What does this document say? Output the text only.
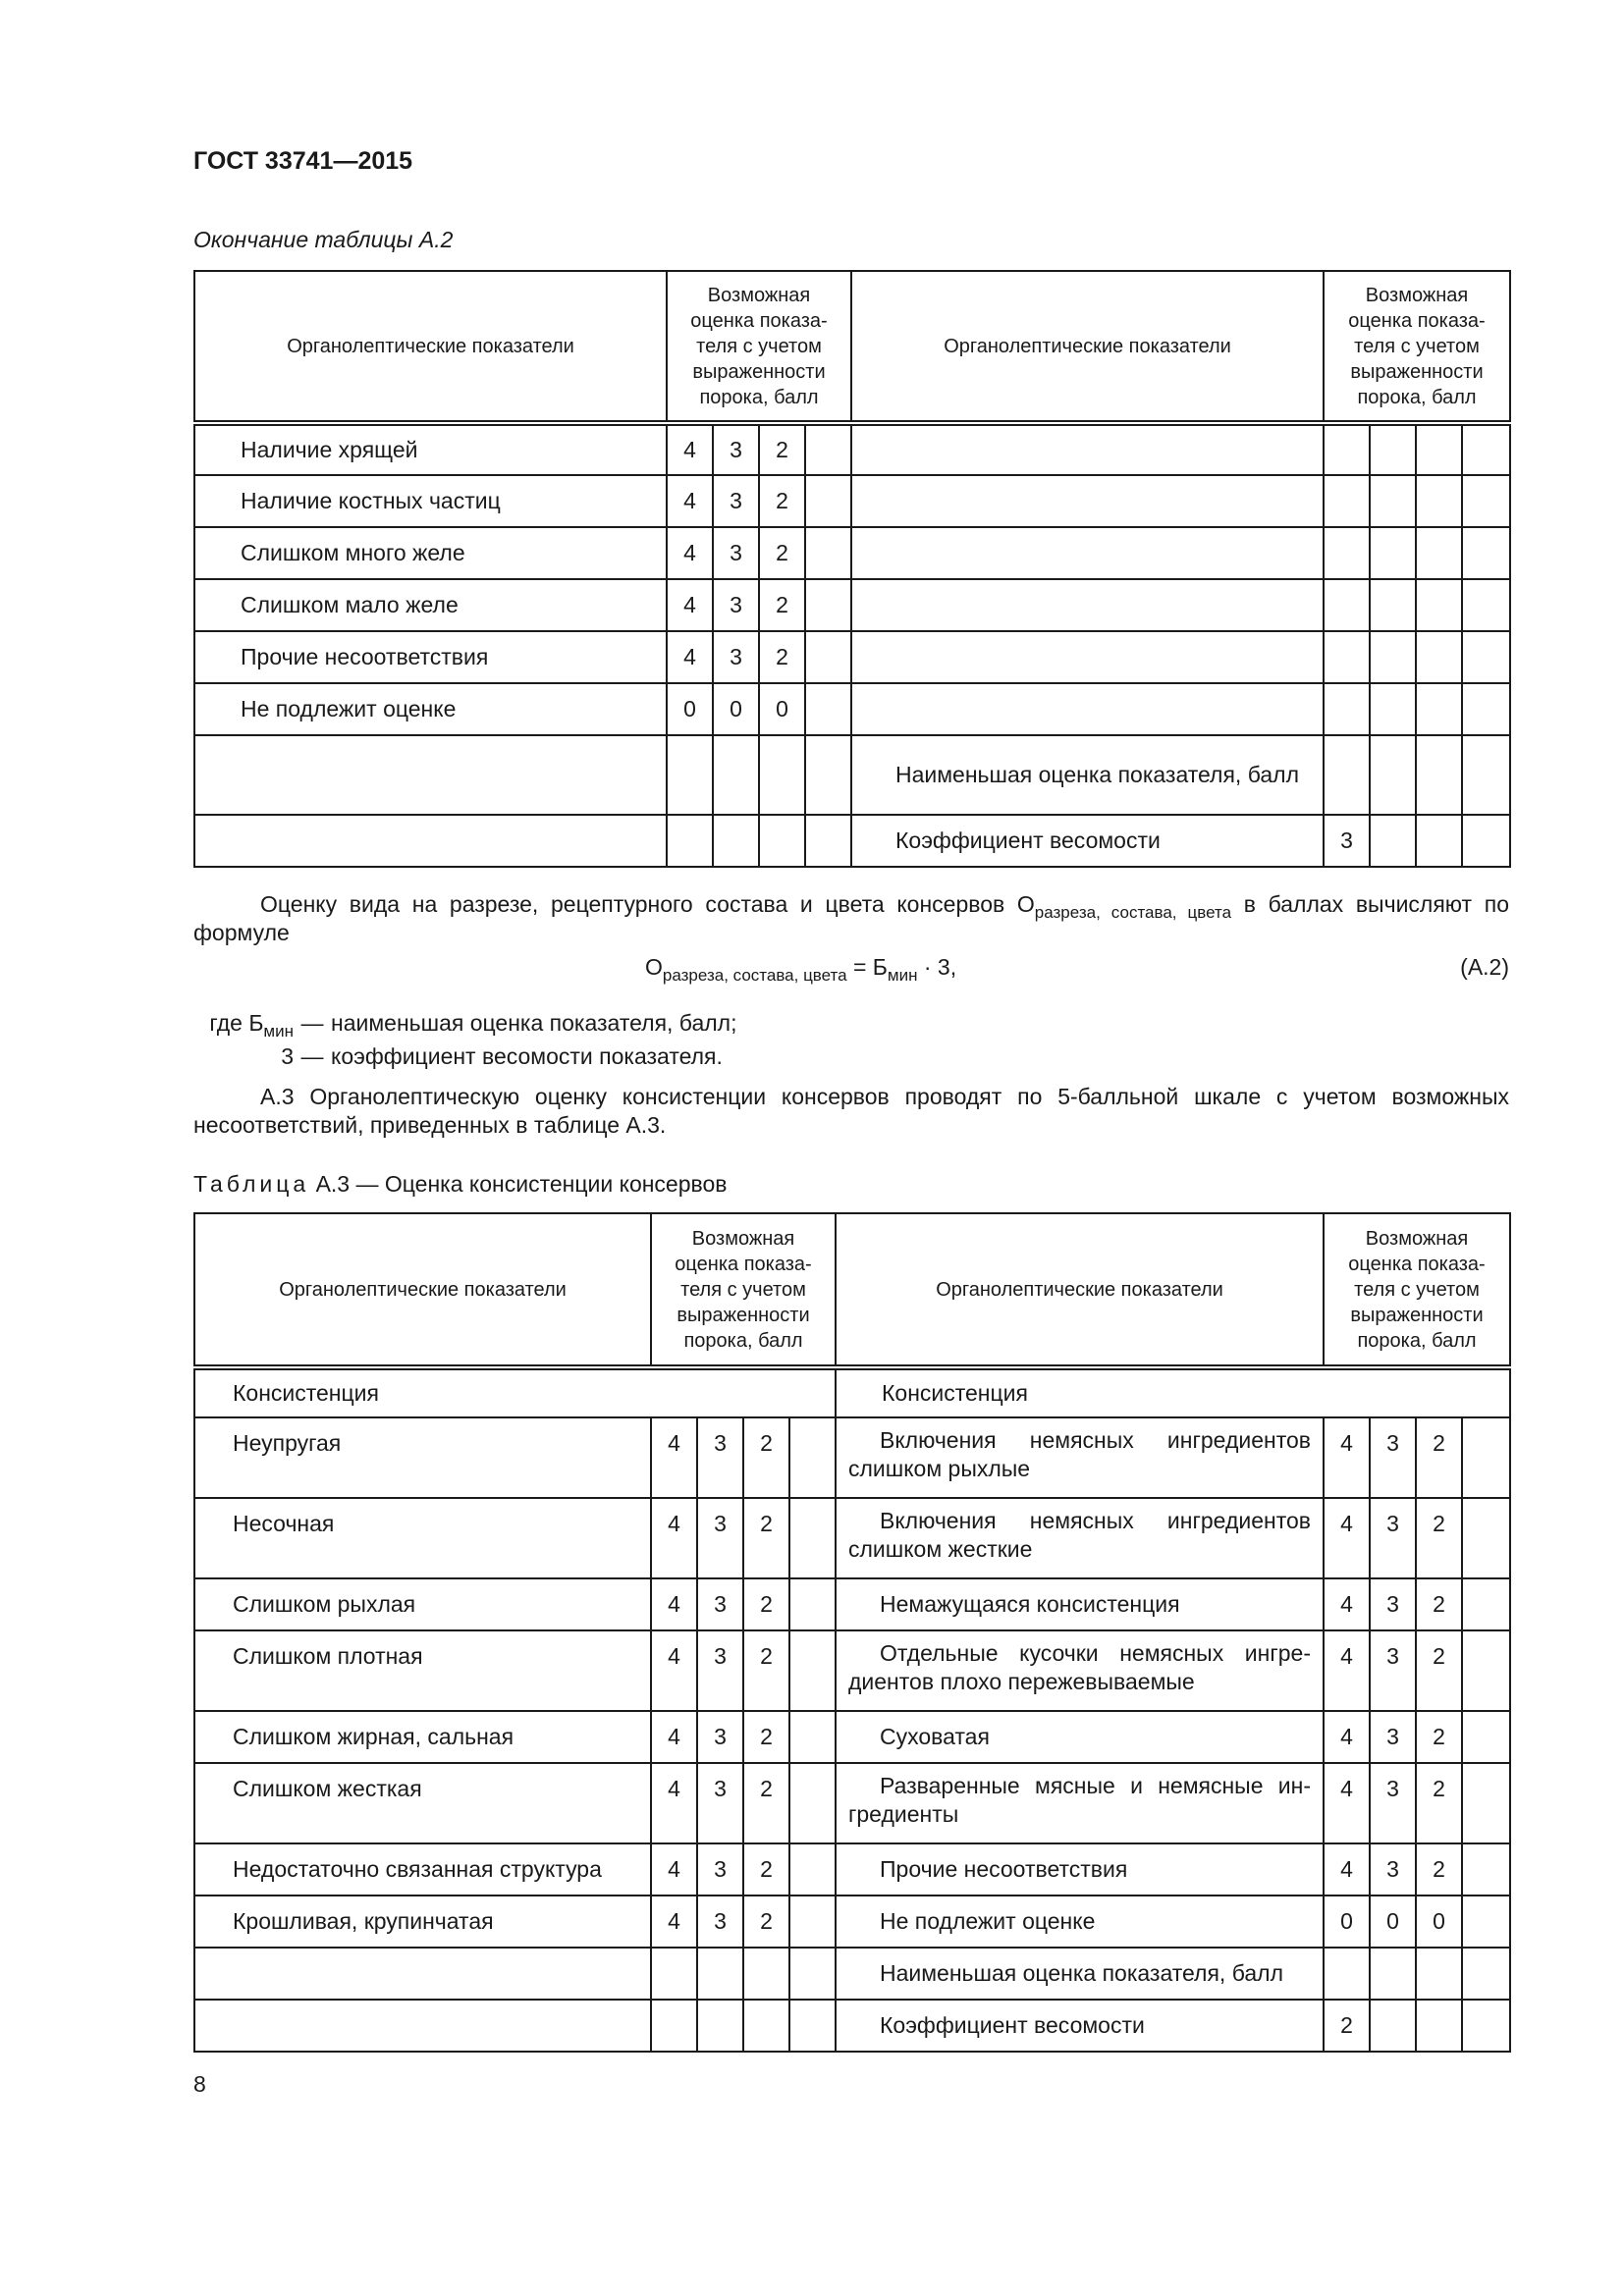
ГОСТ 33741—2015
Окончание таблицы А.2
Органолептические показатели	Возможная оценка показа-теля с учетом выраженности порока, балл				Органолептические показатели	Возможная оценка показа-теля с учетом выраженности порока, балл			
Наличие хрящей	4	3	2						
Наличие костных частиц	4	3	2						
Слишком много желе	4	3	2						
Слишком мало желе	4	3	2						
Прочие несоответствия	4	3	2						
Не подлежит оценке	0	0	0						
					Наименьшая оценка показателя, балл				
					Коэффициент весомости	3			
Оценку вида на разрезе, рецептурного состава и цвета консервов $О_{разреза, состава, цвета}$ в баллах вычисляют по формуле
$О_{разреза, состава, цвета} = Б_{мин} \cdot 3$,	(А.2)
где $Б_{мин}$ — наименьшая оценка показателя, балл;
3 — коэффициент весомости показателя.
А.3 Органолептическую оценку консистенции консервов проводят по 5-балльной шкале с учетом возможных несоответствий, приведенных в таблице А.3.
Таблица А.3 — Оценка консистенции консервов
Органолептические показатели	Возможная оценка показа-теля с учетом выраженности порока, балл				Органолептические показатели	Возможная оценка показа-теля с учетом выраженности порока, балл			
Консистенция					Консистенция				
Неупругая	4	3	2		Включения немясных ингредиентов слишком рыхлые	4	3	2	
Несочная	4	3	2		Включения немясных ингредиентов слишком жесткие	4	3	2	
Слишком рыхлая	4	3	2		Немажущаяся консистенция	4	3	2	
Слишком плотная	4	3	2		Отдельные кусочки немясных ингре-диентов плохо пережевываемые	4	3	2	
Слишком жирная, сальная	4	3	2		Суховатая	4	3	2	
Слишком жесткая	4	3	2		Разваренные мясные и немясные ин-гредиенты	4	3	2	
Недостаточно связанная структура	4	3	2		Прочие несоответствия	4	3	2	
Крошливая, крупинчатая	4	3	2		Не подлежит оценке	0	0	0	
					Наименьшая оценка показателя, балл				
					Коэффициент весомости	2			
8
